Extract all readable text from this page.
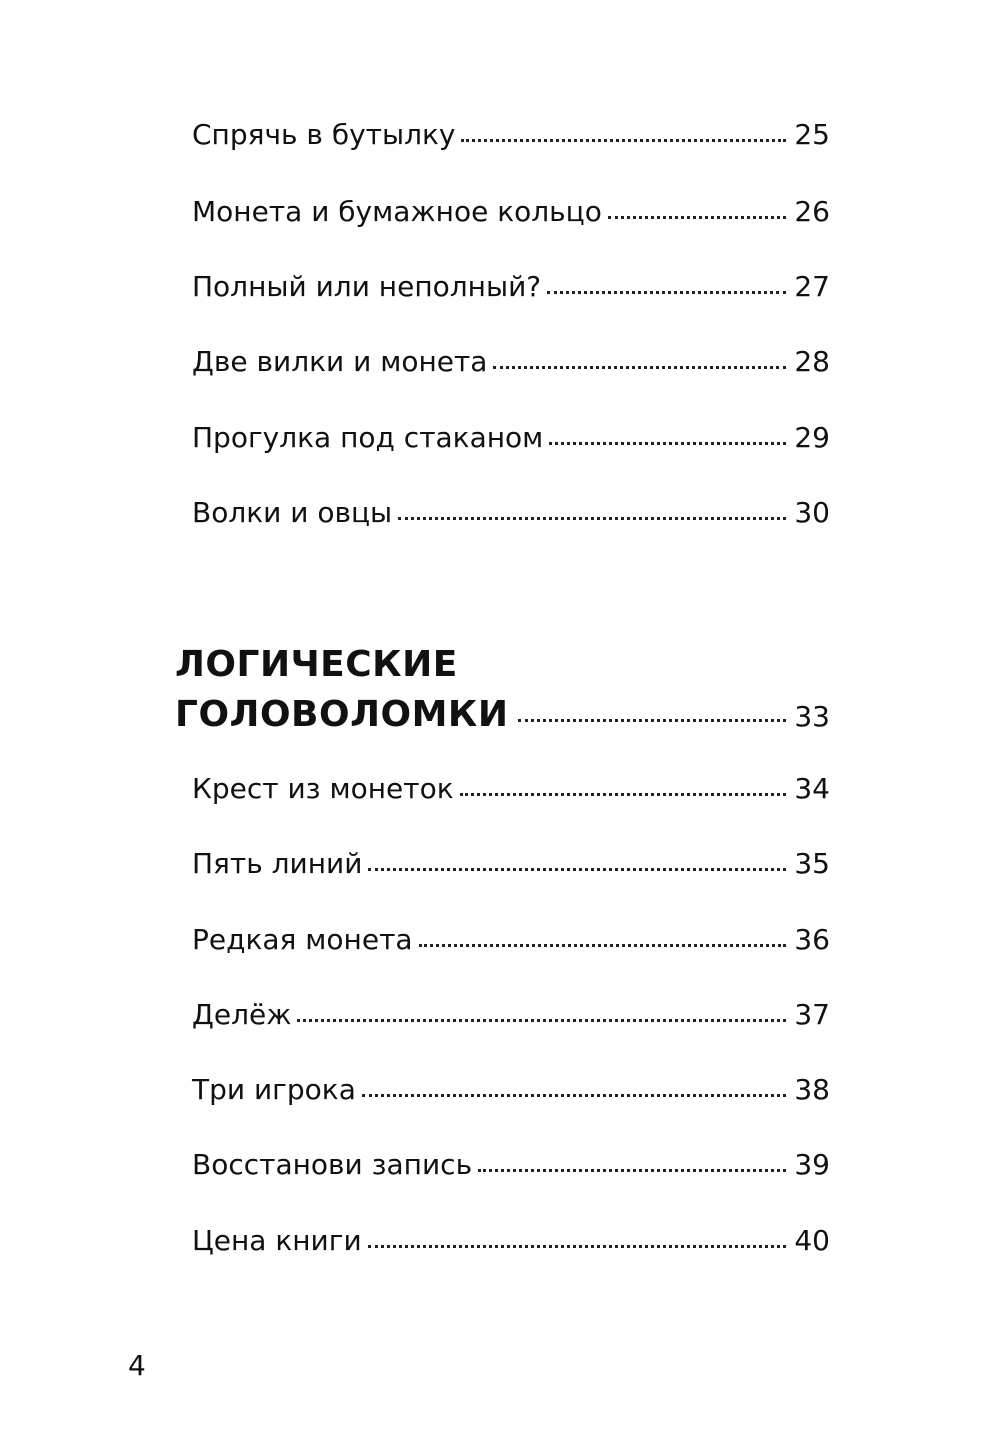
Спрячь в бутылку	25
Монета и бумажное кольцо	26
Полный или неполный?	27
Две вилки и монета	28
Прогулка под стаканом	29
Волки и овцы	30
ЛОГИЧЕСКИЕ
ГОЛОВОЛОМКИ	33
Крест из монеток	34
Пять линий	35
Редкая монета	36
Делёж	37
Три игрока	38
Восстанови запись	39
Цена книги	40
4
